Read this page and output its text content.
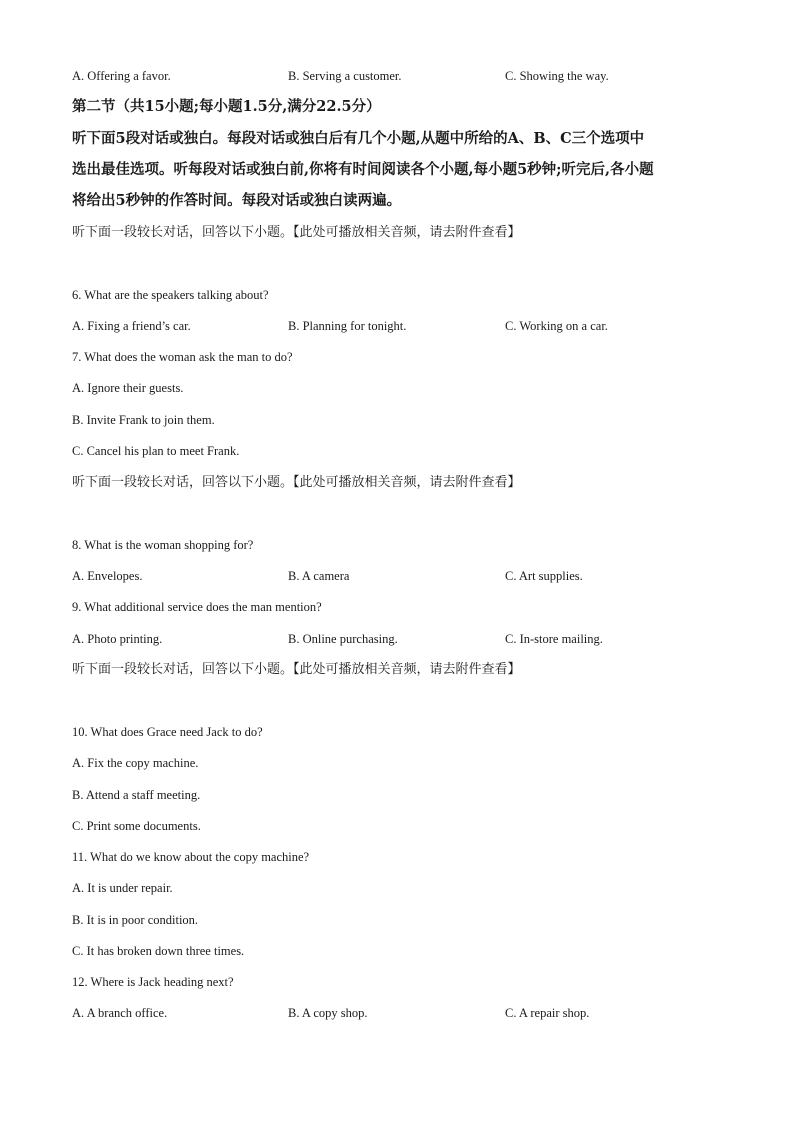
A. Offering a favor.	B. Serving a customer.	C. Showing the way.
第二节（共15小题;每小题1.5分,满分22.5分）
听下面5段对话或独白。每段对话或独白后有几个小题,从题中所给的A、B、C三个选项中
选出最佳选项。听每段对话或独白前,你将有时间阅读各个小题,每小题5秒钟;听完后,各小题
将给出5秒钟的作答时间。每段对话或独白读两遍。
听下面一段较长对话，回答以下小题。【此处可播放相关音频，请去附件查看】
6. What are the speakers talking about?
A. Fixing a friend’s car.	B. Planning for tonight.	C. Working on a car.
7. What does the woman ask the man to do?
A. Ignore their guests.
B. Invite Frank to join them.
C. Cancel his plan to meet Frank.
听下面一段较长对话，回答以下小题。【此处可播放相关音频，请去附件查看】
8. What is the woman shopping for?
A. Envelopes.	B. A camera	C. Art supplies.
9. What additional service does the man mention?
A. Photo printing.	B. Online purchasing.	C. In-store mailing.
听下面一段较长对话，回答以下小题。【此处可播放相关音频，请去附件查看】
10. What does Grace need Jack to do?
A. Fix the copy machine.
B. Attend a staff meeting.
C. Print some documents.
11. What do we know about the copy machine?
A. It is under repair.
B. It is in poor condition.
C. It has broken down three times.
12. Where is Jack heading next?
A. A branch office.	B. A copy shop.	C. A repair shop.
